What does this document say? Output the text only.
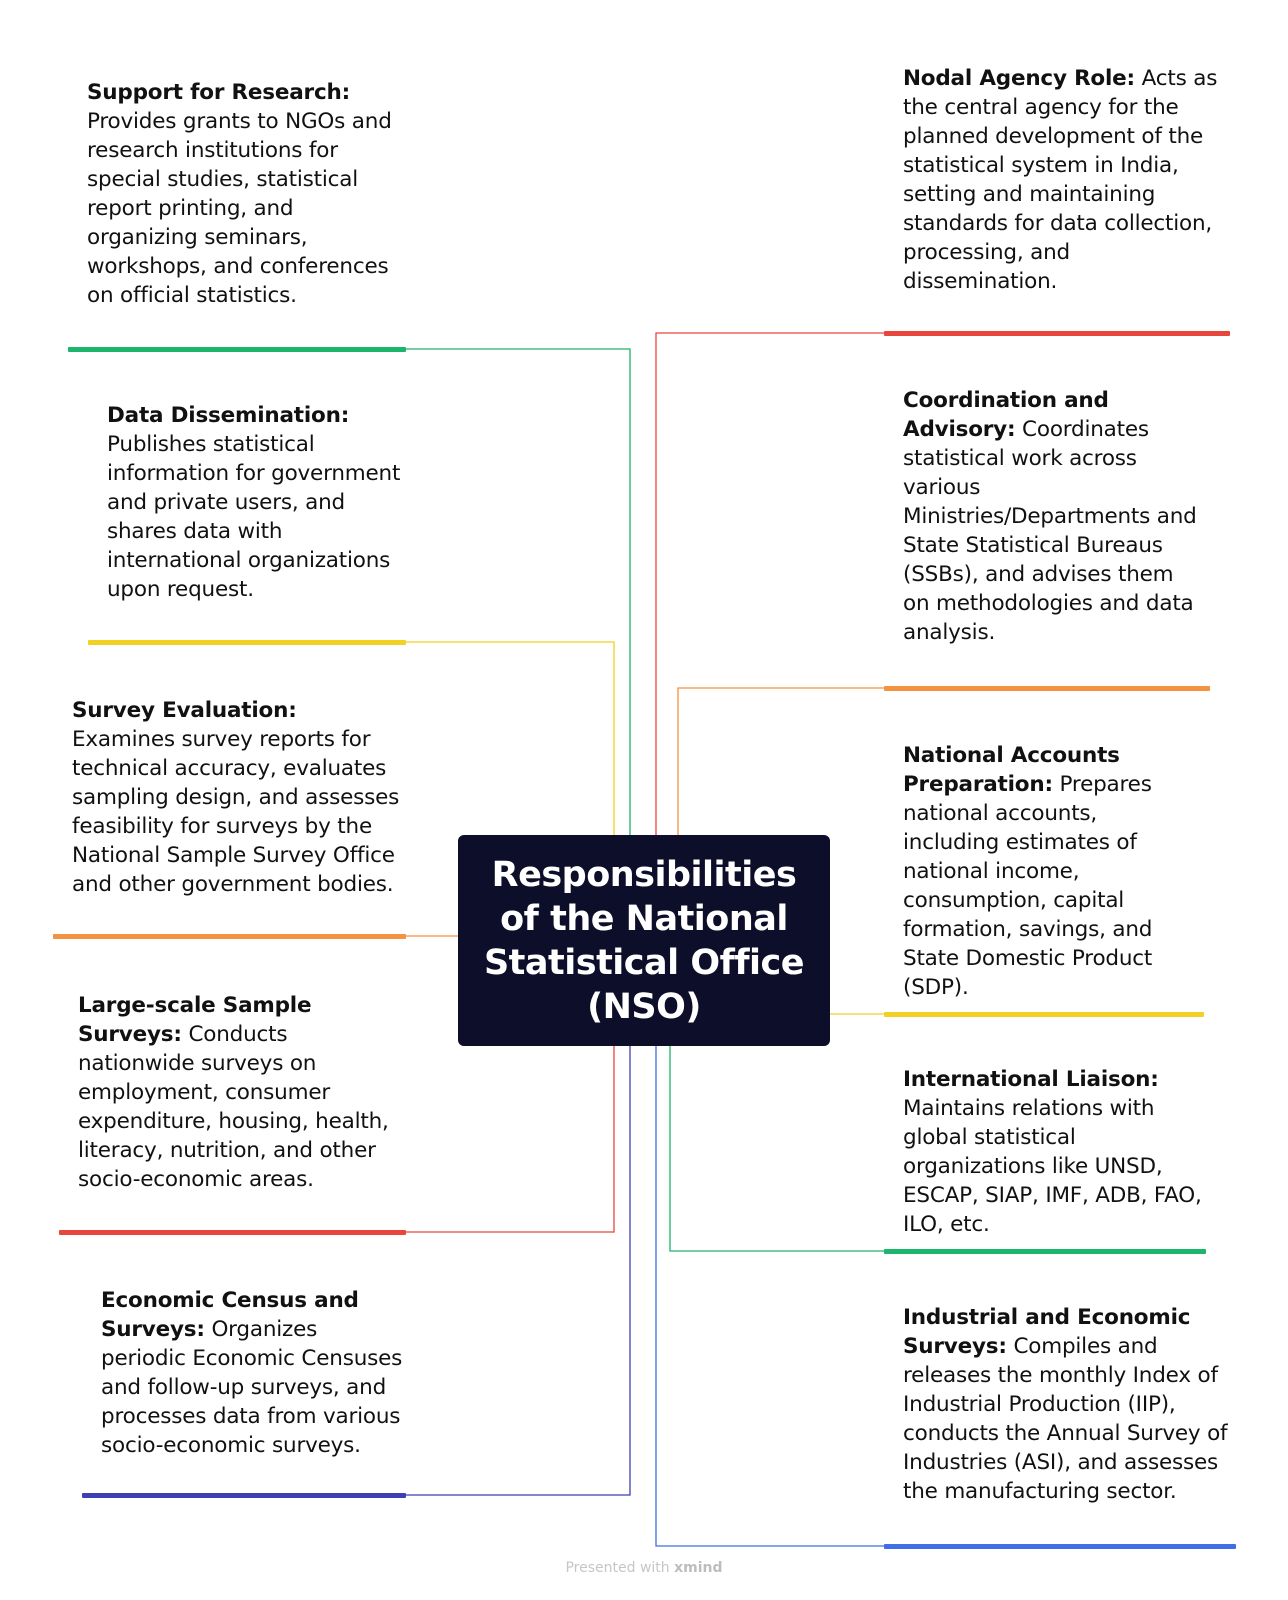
Support for Research: Provides grants to NGOs and research institutions for special studies, statistical report printing, and organizing seminars, workshops, and conferences on official statistics.
Data Dissemination: Publishes statistical information for government and private users, and shares data with international organizations upon request.
Survey Evaluation: Examines survey reports for technical accuracy, evaluates sampling design, and assesses feasibility for surveys by the National Sample Survey Office and other government bodies.
Large-scale Sample Surveys: Conducts nationwide surveys on employment, consumer expenditure, housing, health, literacy, nutrition, and other socio-economic areas.
Economic Census and Surveys: Organizes periodic Economic Censuses and follow-up surveys, and processes data from various socio-economic surveys.
Responsibilities of the National Statistical Office (NSO)
Nodal Agency Role: Acts as the central agency for the planned development of the statistical system in India, setting and maintaining standards for data collection, processing, and dissemination.
Coordination and Advisory: Coordinates statistical work across various Ministries/Departments and State Statistical Bureaus (SSBs), and advises them on methodologies and data analysis.
National Accounts Preparation: Prepares national accounts, including estimates of national income, consumption, capital formation, savings, and State Domestic Product (SDP).
International Liaison: Maintains relations with global statistical organizations like UNSD, ESCAP, SIAP, IMF, ADB, FAO, ILO, etc.
Industrial and Economic Surveys: Compiles and releases the monthly Index of Industrial Production (IIP), conducts the Annual Survey of Industries (ASI), and assesses the manufacturing sector.
Presented with xmind
